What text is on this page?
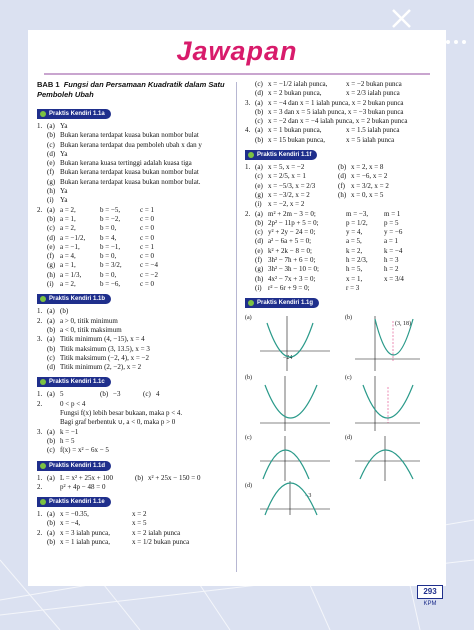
Jawapan
BAB 1 Fungsi dan Persamaan Kuadratik dalam Satu Pemboleh Ubah
Praktis Kendiri 1.1a
1. (a) Ya
(b) Bukan kerana terdapat kuasa bukan nombor bulat
(c) Bukan kerana terdapat dua pemboleh ubah x dan y
(d) Ya
(e) Bukan kerana kuasa tertinggi adalah kuasa tiga
(f) Bukan kerana terdapat kuasa bukan nombor bulat
(g) Bukan kerana terdapat kuasa bukan nombor bulat.
(h) Ya
(i) Ya
2. (a) a = 2,	b = −5,	c = 1
(b) a = 1,	b = −2,	c = 0
(c) a = 2,	b = 0,	c = 0
(d) a = −1/2,	b = 4,	c = 0
(e) a = −1,	b = −1,	c = 1
(f) a = 4,	b = 0,	c = 0
(g) a = 1,	b = 3/2,	c = −4
(h) a = 1/3,	b = 0,	c = −2
(i) a = 2,	b = −6,	c = 0
Praktis Kendiri 1.1b
1. (a) (b)
2. (a) a > 0, titik minimum
(b) a < 0, titik maksimum
3. (a) Titik minimum (4, −15), x = 4
(b) Titik maksimum (3, 13.5), x = 3
(c) Titik maksimum (−2, 4), x = −2
(d) Titik minimum (2, −2), x = 2
Praktis Kendiri 1.1c
1. (a) 5	(b) −3	(c) 4
2.	0 < p < 4
Fungsi f(x) lebih besar bukaan, maka p < 4.
Bagi graf berbentuk ∪, a < 0, maka p > 0
3. (a) k = −1
(b) h = 5
(c) f(x) = x² − 6x − 5
Praktis Kendiri 1.1d
1. (a) L = x² + 25x + 100	(b) x² + 25x − 150 = 0
2.	p² + 4p − 48 = 0
Praktis Kendiri 1.1e
1. (a) x = −0.35,	x = 2
(b) x = −4,	x = 5
2. (a) x = 3 ialah punca,	x = 2 ialah punca
(b) x = 1 ialah punca,	x = 1/2 bukan punca
(c) x = −1/2 ialah punca,	x = −2 bukan punca
(d) x = 2 bukan punca,	x = 2/3 ialah punca
3. (a) x = −4 dan x = 1 ialah punca, x = 2 bukan punca
(b) x = 3 dan x = 5 ialah punca, x = −3 bukan punca
(c) x = −2 dan x = −4 ialah punca, x = 2 bukan punca
4. (a) x = 1 bukan punca,	x = 1.5 ialah punca
(b) x = 15 bukan punca,	x = 5 ialah punca
Praktis Kendiri 1.1f
1. (a) x = 5, x = −2	(b) x = 2, x = 8
(c) x = 2/5, x = 1	(d) x = −6, x = 2
(e) x = −5/3, x = 2/3	(f) x = 3/2, x = 2
(g) x = −3/2, x = 2	(h) x = 0, x = 5
(i) x = −2, x = 2
2. (a) m² + 2m − 3 = 0;	m = −3,	m = 1
(b) 2p² − 11p + 5 = 0;	p = 1/2,	p = 5
(c) y² + 2y − 24 = 0;	y = 4,	y = −6
(d) a² − 6a + 5 = 0;	a = 5,	a = 1
(e) k² + 2k − 8 = 0;	k = 2,	k = −4
(f) 3h² − 7h + 6 = 0;	h = 2/3,	h = 3
(g) 3h² − 3h − 10 = 0;	h = 5,	h = 2
(h) 4x² − 7x + 3 = 0;	x = 1,	x = 3/4
(i) r² − 6r + 9 = 0;	r = 3
Praktis Kendiri 1.1g

(a)	(b)
(b)	(c)
(c)	(d)
(d)
(3, 18)
−24
−3
293
KPM
